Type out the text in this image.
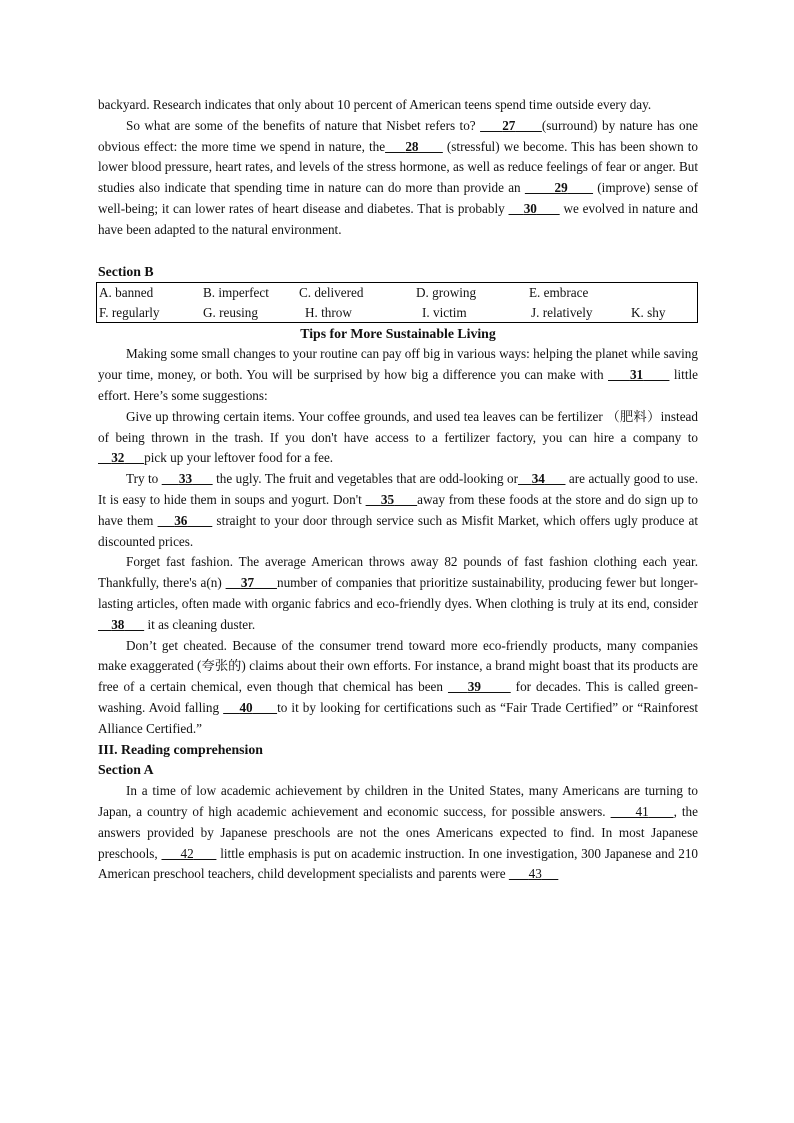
backyard. Research indicates that only about 10 percent of American teens spend time outside every day.

So what are some of the benefits of nature that Nisbet refers to?      27 (surround) by nature has one obvious effect: the more time we spend in nature, the 28       (stressful) we become. This has been shown to lower blood pressure, heart rates, and levels of the stress hormone, as well as reduce feelings of fear or anger. But studies also indicate that spending time in nature can do more than provide an        29       (improve) sense of well-being; it can lower rates of heart disease and diabetes. That is probably     30       we evolved in nature and have been adapted to the natural environment.

Section B
A. banned	B. imperfect	C. delivered	D. growing	E. embrace	
F. regularly	G. reusing	H. throw	I. victim	J. relatively	K. shy
Tips for More Sustainable Living

Making some small changes to your routine can pay off big in various ways: helping the planet while saving your time, money, or both. You will be surprised by how big a difference you can make with      31       little effort. Here’s some suggestions:

Give up throwing certain items. Your coffee grounds, and used tea leaves can be fertilizer （肥料）instead of being thrown in the trash. If you don't have access to a fertilizer factory, you can hire a company to    32 pick up your leftover food for a fee.

Try to      33       the ugly. The fruit and vegetables that are odd-looking or 34       are actually good to use. It is easy to hide them in soups and yogurt. Don't     35 away from these foods at the store and do sign up to have them     36       straight to your door through service such as Misfit Market, which offers ugly produce at discounted prices.

Forget fast fashion. The average American throws away 82 pounds of fast fashion clothing each year. Thankfully, there's a(n)     37 number of companies that prioritize sustainability, producing fewer but longer-lasting articles, often made with organic fabrics and eco-friendly dyes. When clothing is truly at its end, consider     38       it as cleaning duster.

Don’t get cheated. Because of the consumer trend toward more eco-friendly products, many companies make exaggerated (夸张的) claims about their own efforts. For instance, a brand might boast that its products are free of a certain chemical, even though that chemical has been     39       for decades. This is called green-washing. Avoid falling     40 to it by looking for certifications such as “Fair Trade Certified” or “Rainforest Alliance Certified.”

III. Reading comprehension
Section A

In a time of low academic achievement by children in the United States, many Americans are turning to Japan, a country of high academic achievement and economic success, for possible answers.      41 , the answers provided by Japanese preschools are not the ones Americans expected to find. In most Japanese preschools,      42       little emphasis is put on academic instruction. In one investigation, 300 Japanese and 210 American preschool teachers, child development specialists and parents were       43
